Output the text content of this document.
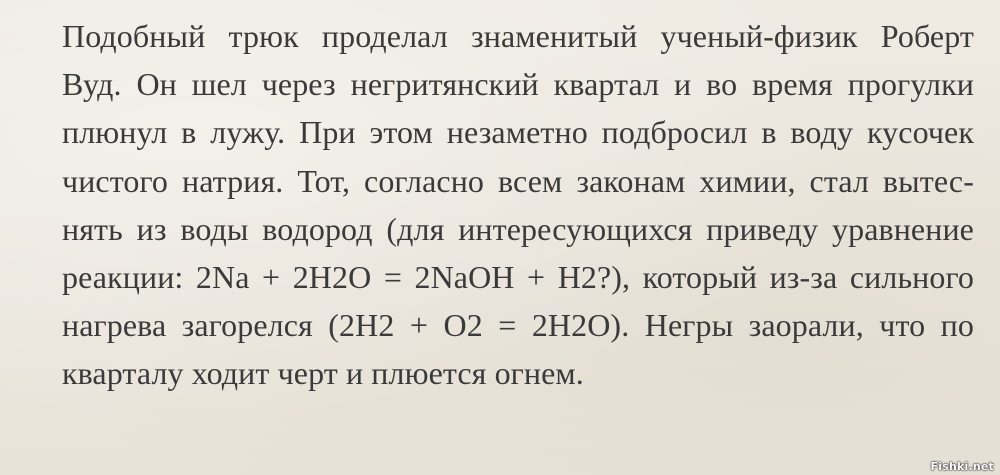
Подобный трюк проделал знаменитый ученый-физик Роберт
Вуд. Он шел через негритянский квартал и во время прогулки
плюнул в лужу. При этом незаметно подбросил в воду кусочек
чистого натрия. Тот, согласно всем законам химии, стал вытес-
нять из воды водород (для интересующихся приведу уравнение
реакции: 2Na + 2H2O = 2NaOH + H2?), который из-за сильного
нагрева загорелся (2H2 + O2 = 2H2O). Негры заорали, что по
кварталу ходит черт и плюется огнем.
Fishki.net
